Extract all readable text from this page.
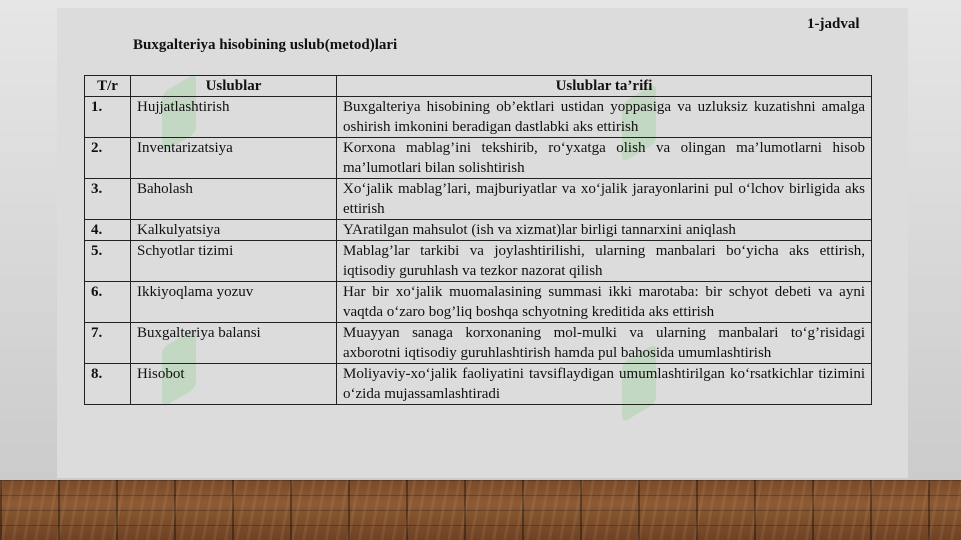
1-jadval
Buxgalteriya hisobining uslub(metod)lari
T/r	Uslublar	Uslublar ta’rifi
1.	Hujjatlashtirish	Buxgalteriya hisobining ob’ektlari ustidan yoppasiga va uzluksiz kuzatishni amalga oshirish imkonini beradigan dastlabki aks ettirish
2.	Inventarizatsiya	Korxona mablag’ini tekshirib, ro‘yxatga olish va olingan ma’lumotlarni hisob ma’lumotlari bilan solishtirish
3.	Baholash	Xo‘jalik mablag’lari, majburiyatlar va xo‘jalik jarayonlarini pul o‘lchov birligida aks ettirish
4.	Kalkulyatsiya	YAratilgan mahsulot (ish va xizmat)lar birligi tannarxini aniqlash
5.	Schyotlar tizimi	Mablag’lar tarkibi va joylashtirilishi, ularning manbalari bo‘yicha aks ettirish, iqtisodiy guruhlash va tezkor nazorat qilish
6.	Ikkiyoqlama yozuv	Har bir xo‘jalik muomalasining summasi ikki marotaba: bir schyot debeti va ayni vaqtda o‘zaro bog’liq boshqa schyotning kreditida aks ettirish
7.	Buxgalteriya balansi	Muayyan sanaga korxonaning mol-mulki va ularning manbalari to‘g’risidagi axborotni iqtisodiy guruhlashtirish hamda pul bahosida umumlashtirish
8.	Hisobot	Moliyaviy-xo‘jalik faoliyatini tavsiflaydigan umumlashtirilgan ko‘rsatkichlar tizimini o‘zida mujassamlashtiradi
